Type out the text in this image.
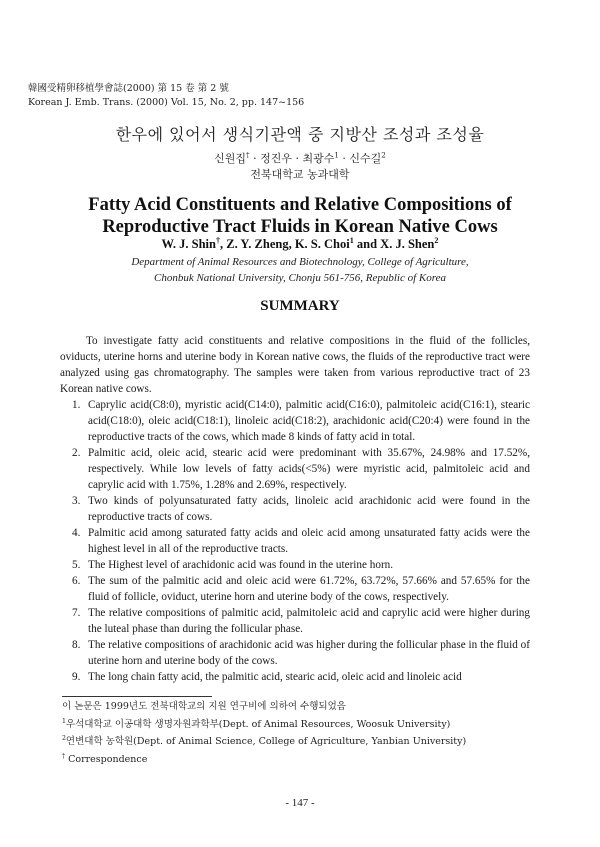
韓國受精卵移植學會誌(2000) 第 15 卷 第 2 號
Korean J. Emb. Trans. (2000) Vol. 15, No. 2, pp. 147~156
한우에 있어서 생식기관액 중 지방산 조성과 조성율
신원집† · 정진우 · 최광수$^1$ · 신수길$^2$
전북대학교 농과대학
Fatty Acid Constituents and Relative Compositions of
Reproductive Tract Fluids in Korean Native Cows
W. J. Shin†, Z. Y. Zheng, K. S. Choi$^1$ and X. J. Shen$^2$
Department of Animal Resources and Biotechnology, College of Agriculture,
Chonbuk National University, Chonju 561-756, Republic of Korea
SUMMARY
To investigate fatty acid constituents and relative compositions in the fluid of the follicles, oviducts, uterine horns and uterine body in Korean native cows, the fluids of the reproductive tract were analyzed using gas chromatography. The samples were taken from various reproductive tract of 23 Korean native cows.
1. Caprylic acid(C8:0), myristic acid(C14:0), palmitic acid(C16:0), palmitoleic acid(C16:1), stearic acid(C18:0), oleic acid(C18:1), linoleic acid(C18:2), arachidonic acid(C20:4) were found in the reproductive tracts of the cows, which made 8 kinds of fatty acid in total.
2. Palmitic acid, oleic acid, stearic acid were predominant with 35.67%, 24.98% and 17.52%, respectively. While low levels of fatty acids(<5%) were myristic acid, palmitoleic acid and caprylic acid with 1.75%, 1.28% and 2.69%, respectively.
3. Two kinds of polyunsaturated fatty acids, linoleic acid arachidonic acid were found in the reproductive tracts of cows.
4. Palmitic acid among saturated fatty acids and oleic acid among unsaturated fatty acids were the highest level in all of the reproductive tracts.
5. The Highest level of arachidonic acid was found in the uterine horn.
6. The sum of the palmitic acid and oleic acid were 61.72%, 63.72%, 57.66% and 57.65% for the fluid of follicle, oviduct, uterine horn and uterine body of the cows, respectively.
7. The relative compositions of palmitic acid, palmitoleic acid and caprylic acid were higher during the luteal phase than during the follicular phase.
8. The relative compositions of arachidonic acid was higher during the follicular phase in the fluid of uterine horn and uterine body of the cows.
9. The long chain fatty acid, the palmitic acid, stearic acid, oleic acid and linoleic acid
이 논문은 1999년도 전북대학교의 지원 연구비에 의하여 수행되었음
$^1$우석대학교 이공대학 생명자원과학부(Dept. of Animal Resources, Woosuk University)
$^2$연변대학 농학원(Dept. of Animal Science, College of Agriculture, Yanbian University)
† Correspondence
- 147 -
